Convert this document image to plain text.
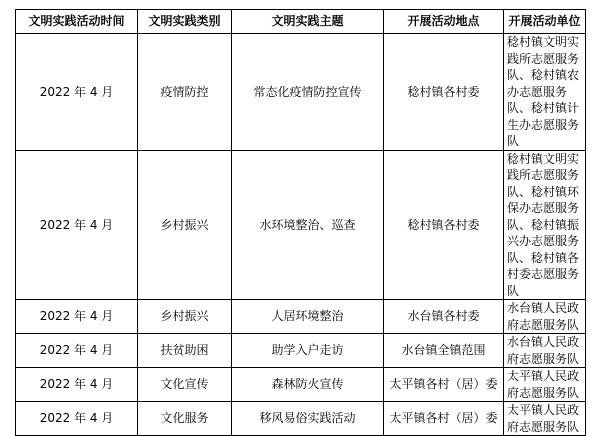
文明实践活动时间	文明实践类别	文明实践主题	开展活动地点	开展活动单位
2022 年 4 月	疫情防控	常态化疫情防控宣传	稔村镇各村委	稔村镇文明实践所志愿服务队、稔村镇农办志愿服务队、稔村镇计生办志愿服务队
2022 年 4 月	乡村振兴	水环境整治、巡查	稔村镇各村委	稔村镇文明实践所志愿服务队、稔村镇环保办志愿服务队、稔村镇振兴办志愿服务队、稔村镇各村委志愿服务队
2022 年 4 月	乡村振兴	人居环境整治	水台镇各村委	水台镇人民政府志愿服务队
2022 年 4 月	扶贫助困	助学入户走访	水台镇全镇范围	水台镇人民政府志愿服务队
2022 年 4 月	文化宣传	森林防火宣传	太平镇各村（居）委	太平镇人民政府志愿服务队
2022 年 4 月	文化服务	移风易俗实践活动	太平镇各村（居）委	太平镇人民政府志愿服务队
